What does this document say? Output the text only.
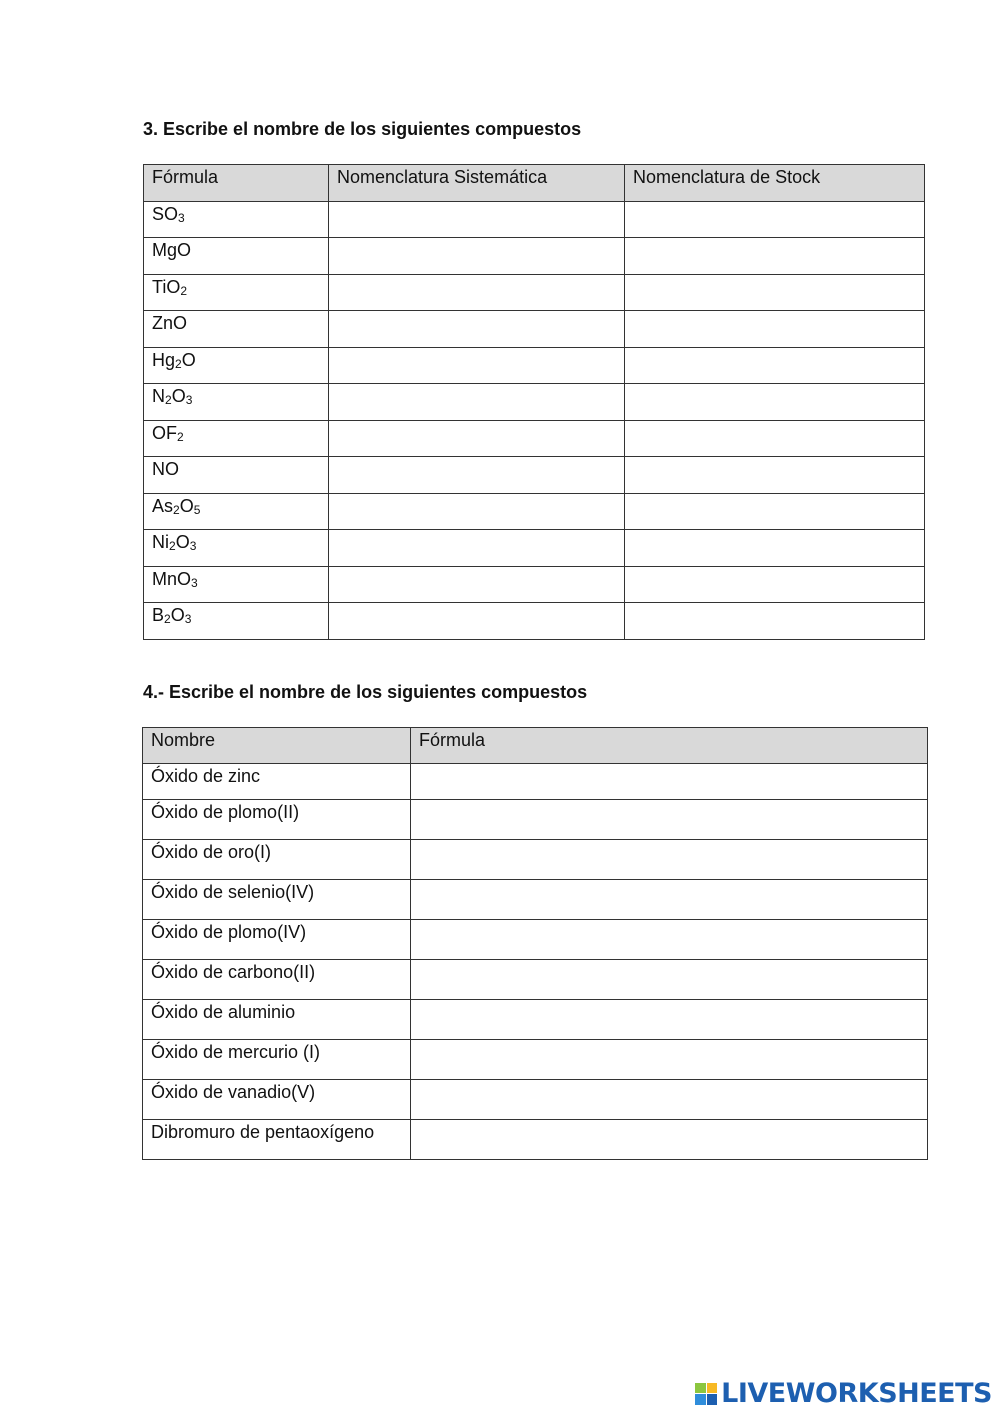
3. Escribe el nombre de los siguientes compuestos
Fórmula	Nomenclatura Sistemática	Nomenclatura de Stock
$SO_3$		
MgO		
TiO$_2$		
ZnO		
$Hg_2O$		
$N_2O_3$		
$OF_2$		
NO		
$As_2O_5$		
$Ni_2O_3$		
MnO$_3$		
$B_2O_3$		
4.- Escribe el nombre de los siguientes compuestos
Nombre	Fórmula
Óxido de zinc	
Óxido de plomo(II)	
Óxido de oro(I)	
Óxido de selenio(IV)	
Óxido de plomo(IV)	
Óxido de carbono(II)	
Óxido de aluminio	
Óxido de mercurio (I)	
Óxido de vanadio(V)	
Dibromuro de pentaoxígeno	
LIVEWORKSHEETS
